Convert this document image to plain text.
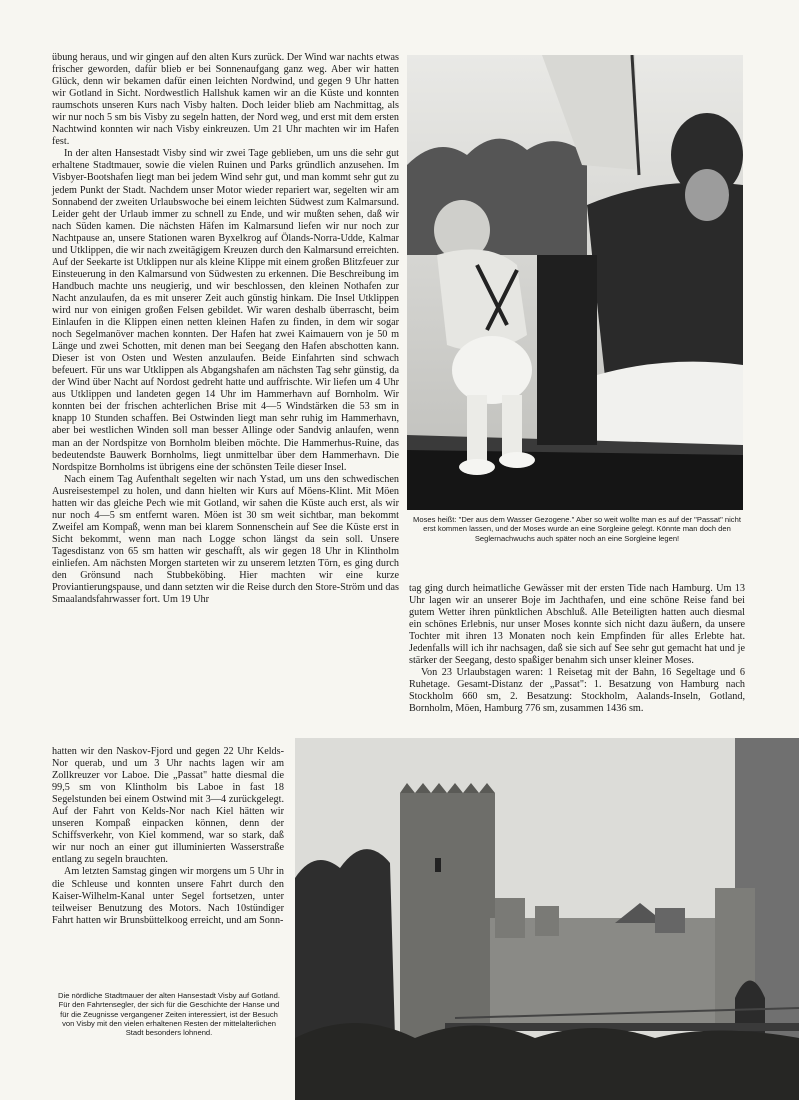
übung heraus, und wir gingen auf den alten Kurs zurück. Der Wind war nachts etwas frischer geworden, dafür blieb er bei Sonnenaufgang ganz weg. Aber wir hatten Glück, denn wir bekamen dafür einen leichten Nordwind, und gegen 9 Uhr hatten wir Gotland in Sicht. Nordwestlich Hallshuk kamen wir an die Küste und konnten raumschots unseren Kurs nach Visby halten. Doch leider blieb am Nachmittag, als wir nur noch 5 sm bis Visby zu segeln hatten, der Nord weg, und erst mit dem ersten Nachtwind konnten wir nach Visby einkreuzen. Um 21 Uhr machten wir im Hafen fest.

In der alten Hansestadt Visby sind wir zwei Tage geblieben, um uns die sehr gut erhaltene Stadtmauer, sowie die vielen Ruinen und Parks gründlich anzusehen. Im Visbyer-Bootshafen liegt man bei jedem Wind sehr gut, und man kommt sehr gut zu jedem Punkt der Stadt. Nachdem unser Motor wieder repariert war, segelten wir am Sonnabend der zweiten Urlaubswoche bei einem leichten Südwest zum Kalmarsund. Leider geht der Urlaub immer zu schnell zu Ende, und wir mußten sehen, daß wir nach Süden kamen. Die nächsten Häfen im Kalmarsund liefen wir nur noch zur Nachtpause an, unsere Stationen waren Byxelkrog auf Ölands-Norra-Udde, Kalmar und Utklippen, die wir nach zweitägigem Kreuzen durch den Kalmarsund erreichten. Auf der Seekarte ist Utklippen nur als kleine Klippe mit einem großen Blitzfeuer zur Einsteuerung in den Kalmarsund von Südwesten zu erkennen. Die Beschreibung im Handbuch machte uns neugierig, und wir beschlossen, den kleinen Nothafen zur Nacht anzulaufen, da es mit unserer Zeit auch günstig hinkam. Die Insel Utklippen wird nur von einigen großen Felsen gebildet. Wir waren deshalb überrascht, beim Einlaufen in die Klippen einen netten kleinen Hafen zu finden, in dem wir sogar noch Segelmanöver machen konnten. Der Hafen hat zwei Kaimauern von je 50 m Länge und zwei Schotten, mit denen man bei Seegang den Hafen abschotten kann. Dieser ist von Osten und Westen anzulaufen. Beide Einfahrten sind schwach befeuert. Für uns war Utklippen als Abgangshafen am nächsten Tag sehr günstig, da der Wind über Nacht auf Nordost gedreht hatte und auffrischte. Wir liefen um 4 Uhr aus Utklippen und landeten gegen 14 Uhr im Hammerhavn auf Bornholm. Wir konnten bei der frischen achterlichen Brise mit 4—5 Windstärken die 53 sm in knapp 10 Stunden schaffen. Bei Ostwinden liegt man sehr ruhig im Hammerhavn, aber bei westlichen Winden soll man besser Allinge oder Sandvig anlaufen, wenn man an der Nordspitze von Bornholm bleiben möchte. Die Hammerhus-Ruine, das bedeutendste Bauwerk Bornholms, liegt unmittelbar über dem Hammerhavn. Die Nordspitze Bornholms ist übrigens eine der schönsten Teile dieser Insel.

Nach einem Tag Aufenthalt segelten wir nach Ystad, um uns den schwedischen Ausreisestempel zu holen, und dann hielten wir Kurs auf Möens-Klint. Mit Möen hatten wir das gleiche Pech wie mit Gotland, wir sahen die Küste auch erst, als wir nur noch 4—5 sm entfernt waren. Möen ist 30 sm weit sichtbar, man bekommt Zweifel am Kompaß, wenn man bei klarem Sonnenschein auf See die Küste erst in Sicht bekommt, wenn man nach Logge schon längst da sein soll. Unsere Tagesdistanz von 65 sm hatten wir geschafft, als wir gegen 18 Uhr in Klintholm einliefen. Am nächsten Morgen starteten wir zu unserem letzten Törn, es ging durch den Grönsund nach Stubbeköbing. Hier machten wir eine kurze Proviantierungspause, und dann setzten wir die Reise durch den Store-Ström und das Smaalandsfahrwasser fort. Um 19 Uhr

Moses heißt: "Der aus dem Wasser Gezogene." Aber so weit wollte man es auf der "Passat" nicht erst kommen lassen, und der Moses wurde an eine Sorgleine gelegt. Könnte man doch den Seglernachwuchs auch später noch an eine Sorgleine legen!

tag ging durch heimatliche Gewässer mit der ersten Tide nach Hamburg. Um 13 Uhr lagen wir an unserer Boje im Jachthafen, und eine schöne Reise fand bei gutem Wetter ihren pünktlichen Abschluß. Alle Beteiligten hatten auch diesmal ein schönes Erlebnis, nur unser Moses konnte sich nicht dazu äußern, da unsere Tochter mit ihren 13 Monaten noch kein Empfinden für alles Erlebte hat. Jedenfalls will ich ihr nachsagen, daß sie sich auf See sehr gut gemacht hat und je stärker der Seegang, desto spaßiger benahm sich unser kleiner Moses.

Von 23 Urlaubstagen waren: 1 Reisetag mit der Bahn, 16 Segeltage und 6 Ruhetage. Gesamt-Distanz der „Passat": 1. Besatzung von Hamburg nach Stockholm 660 sm, 2. Besatzung: Stockholm, Aalands-Inseln, Gotland, Bornholm, Möen, Hamburg 776 sm, zusammen 1436 sm.

hatten wir den Naskov-Fjord und gegen 22 Uhr Kelds-Nor querab, und um 3 Uhr nachts lagen wir am Zollkreuzer vor Laboe. Die „Passat" hatte diesmal die 99,5 sm von Klintholm bis Laboe in fast 18 Segelstunden bei einem Ostwind mit 3—4 zurückgelegt. Auf der Fahrt von Kelds-Nor nach Kiel hätten wir unseren Kompaß einpacken können, denn der Schiffsverkehr, von Kiel kommend, war so stark, daß wir nur noch an einer gut illuminierten Wasserstraße entlang zu segeln brauchten.

Am letzten Samstag gingen wir morgens um 5 Uhr in die Schleuse und konnten unsere Fahrt durch den Kaiser-Wilhelm-Kanal unter Segel fortsetzen, unter teilweiser Benutzung des Motors. Nach 10stündiger Fahrt hatten wir Brunsbüttelkoog erreicht, und am Sonn-

Die nördliche Stadtmauer der alten Hansestadt Visby auf Gotland. Für den Fahrtensegler, der sich für die Geschichte der Hanse und für die Zeugnisse vergangener Zeiten interessiert, ist der Besuch von Visby mit den vielen erhaltenen Resten der mittelalterlichen Stadt besonders lohnend.
